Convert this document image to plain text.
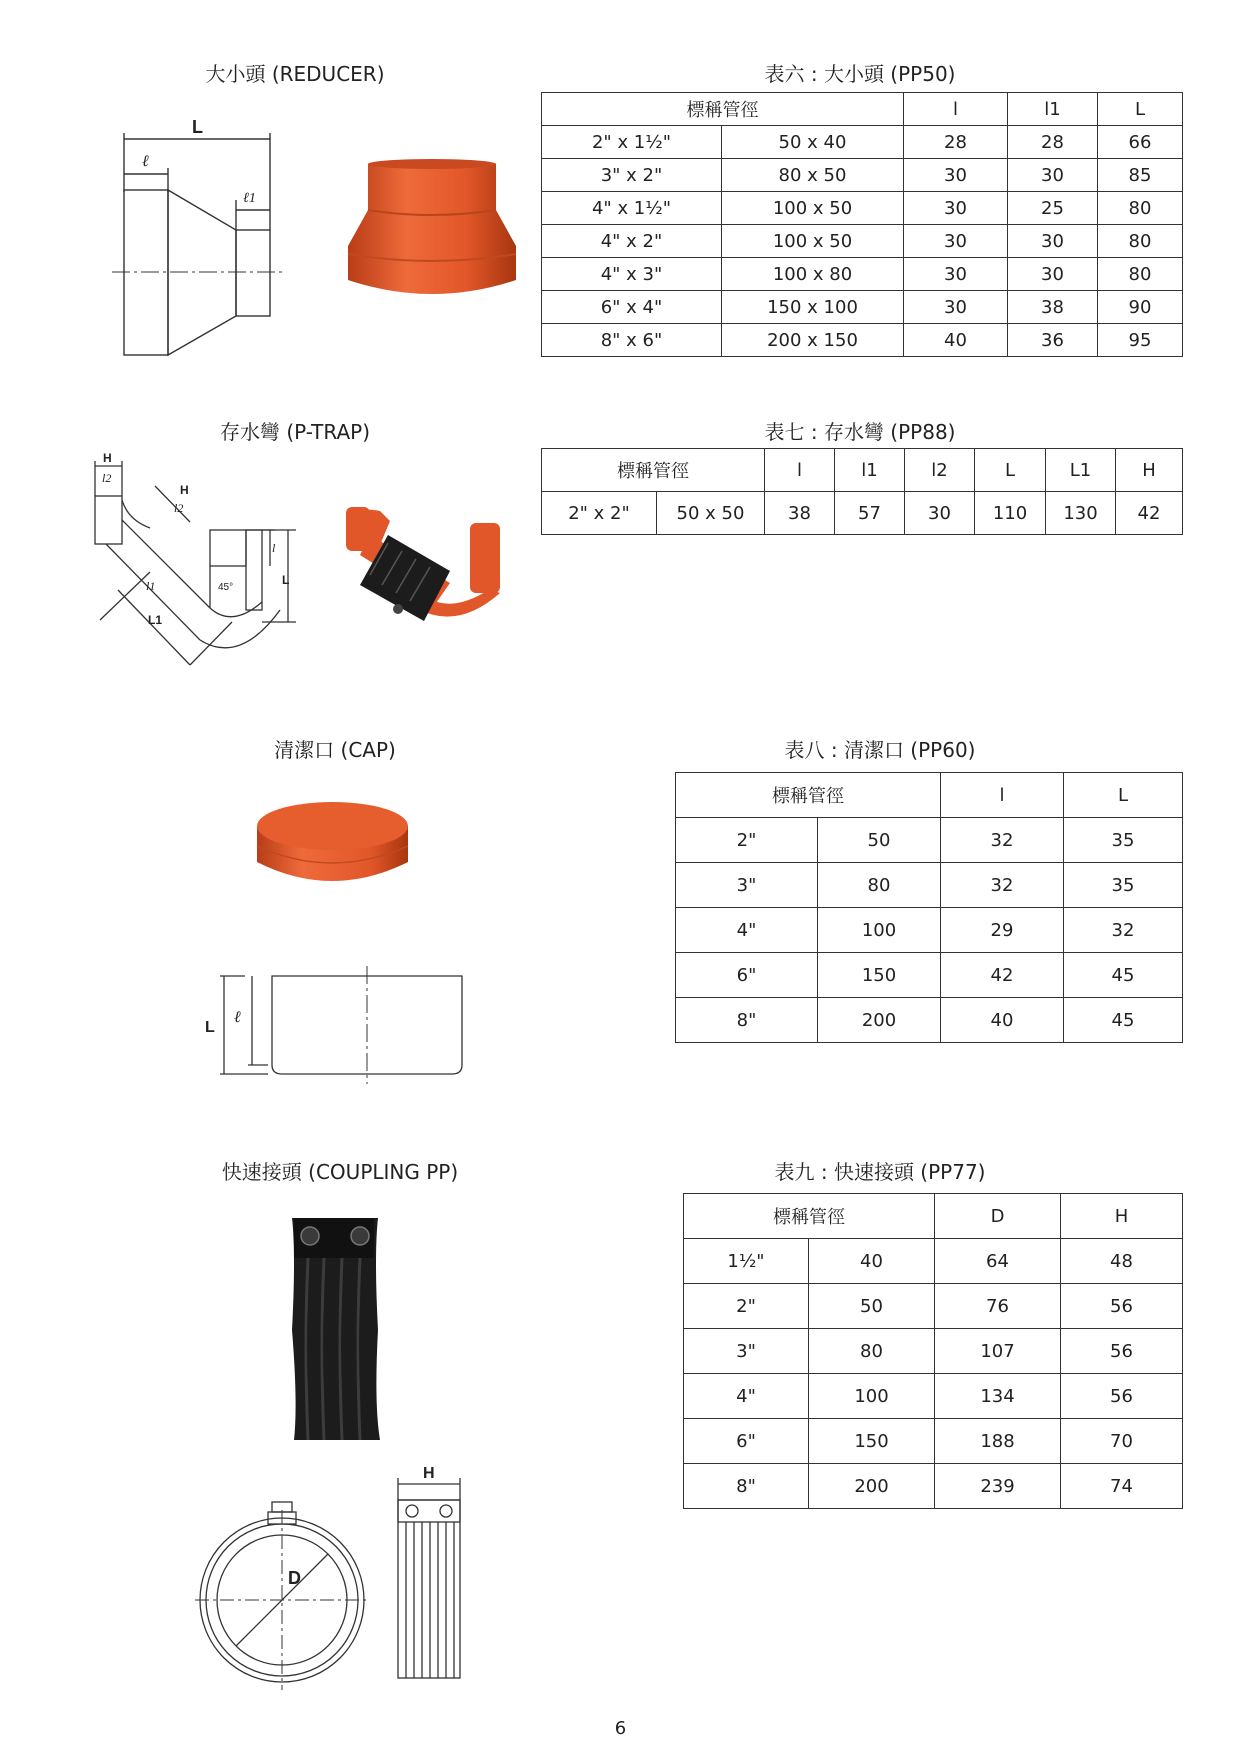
大小頭 (REDUCER)	表六 : 大小頭 (PP50)
L
ℓ
ℓ1
標稱管徑		l	l1	L
2" x 1½"	50 x 40	28	28	66
3" x 2"	80 x 50	30	30	85
4" x 1½"	100 x 50	30	25	80
4" x 2"	100 x 50	30	30	80
4" x 3"	100 x 80	30	30	80
6" x 4"	150 x 100	30	38	90
8" x 6"	200 x 150	40	36	95
存水彎 (P-TRAP)	表七 : 存水彎 (PP88)
H
l2
H
l2
l1
L1
45°
l
L
標稱管徑		l	l1	l2	L	L1	H
2" x 2"	50 x 50	38	57	30	110	130	42
清潔口 (CAP)	表八 : 清潔口 (PP60)
L
ℓ
標稱管徑		l	L
2"	50	32	35
3"	80	32	35
4"	100	29	32
6"	150	42	45
8"	200	40	45
快速接頭 (COUPLING PP)	表九 : 快速接頭 (PP77)
D
H
標稱管徑		D	H
1½"	40	64	48
2"	50	76	56
3"	80	107	56
4"	100	134	56
6"	150	188	70
8"	200	239	74
6
